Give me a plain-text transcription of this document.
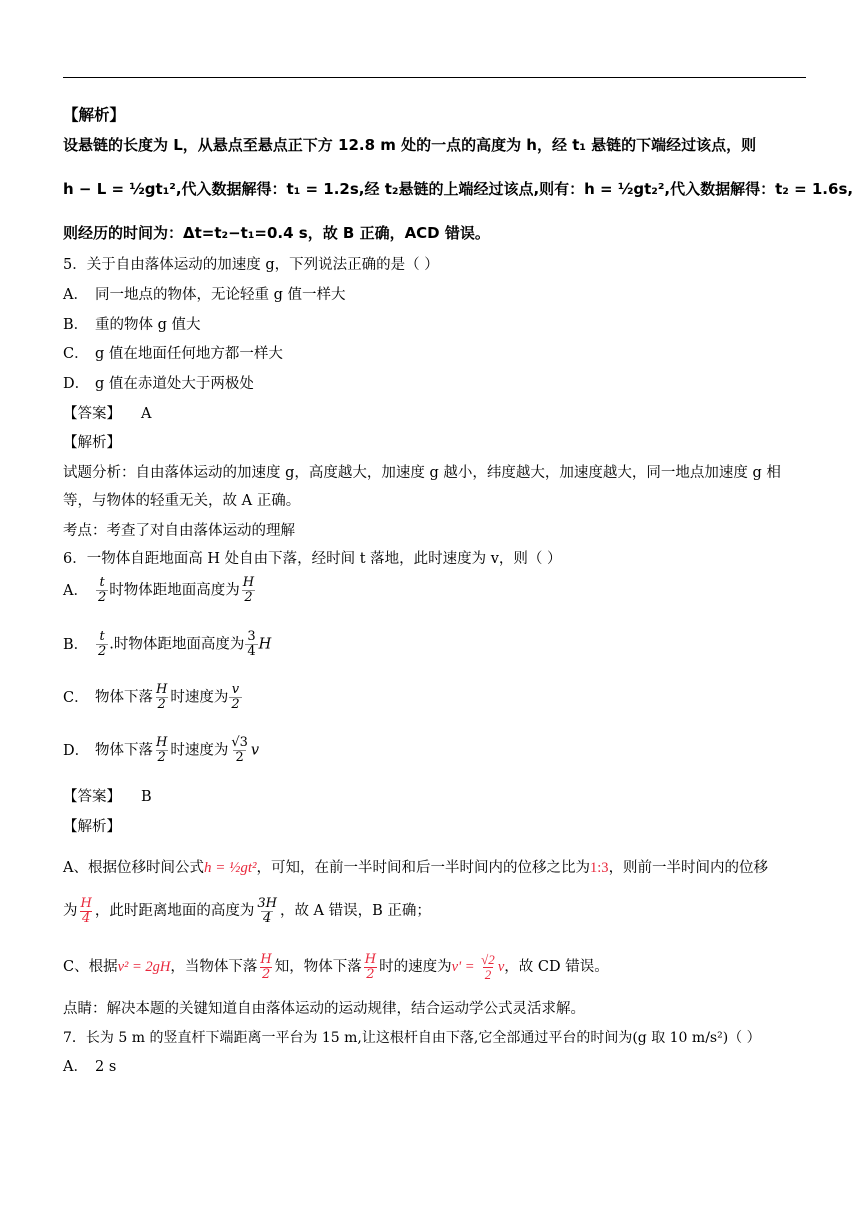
【解析】
设悬链的长度为 L，从悬点至悬点正下方 12.8 m 处的一点的高度为 h，经 t₁ 悬链的下端经过该点，则
h − L = ½gt₁²,代入数据解得：t₁ = 1.2s,经 t₂悬链的上端经过该点,则有：h = ½gt₂²,代入数据解得：t₂ = 1.6s,
则经历的时间为：Δt=t₂−t₁=0.4 s，故 B 正确，ACD 错误。
5．关于自由落体运动的加速度 g，下列说法正确的是（ ）
A． 同一地点的物体，无论轻重 g 值一样大
B． 重的物体 g 值大
C． g 值在地面任何地方都一样大
D． g 值在赤道处大于两极处
【答案】 A
【解析】
试题分析：自由落体运动的加速度 g，高度越大，加速度 g 越小，纬度越大，加速度越大，同一地点加速度 g 相
等，与物体的轻重无关，故 A 正确。
考点：考查了对自由落体运动的理解
6．一物体自距地面高 H 处自由下落，经时间 t 落地，此时速度为 v，则（ ）
A． $\frac{t}{2}$ 时物体距地面高度为 $\frac{H}{2}$
B． $\frac{t}{2}$ .时物体距地面高度为 $\frac{3}{4}$ H
C． 物体下落 $\frac{H}{2}$ 时速度为 $\frac{v}{2}$
D． 物体下落 $\frac{H}{2}$ 时速度为 $\frac{√3}{2}$ v
【答案】 B
【解析】
A、根据位移时间公式h = ½gt²，可知，在前一半时间和后一半时间内的位移之比为1:3，则前一半时间内的位移
为 $\frac{H}{4}$ ，此时距离地面的高度为 $\frac{3H}{4}$ ，故 A 错误，B 正确；
C、根据v² = 2gH，当物体下落 $\frac{H}{2}$ 知，物体下落 $\frac{H}{2}$ 时的速度为$v' = \frac{√2}{2}$ v，故 CD 错误。
点睛：解决本题的关键知道自由落体运动的运动规律，结合运动学公式灵活求解。
7．长为 5 m 的竖直杆下端距离一平台为 15 m,让这根杆自由下落,它全部通过平台的时间为(g 取 10 m/s²)（ ）
A． 2 s
